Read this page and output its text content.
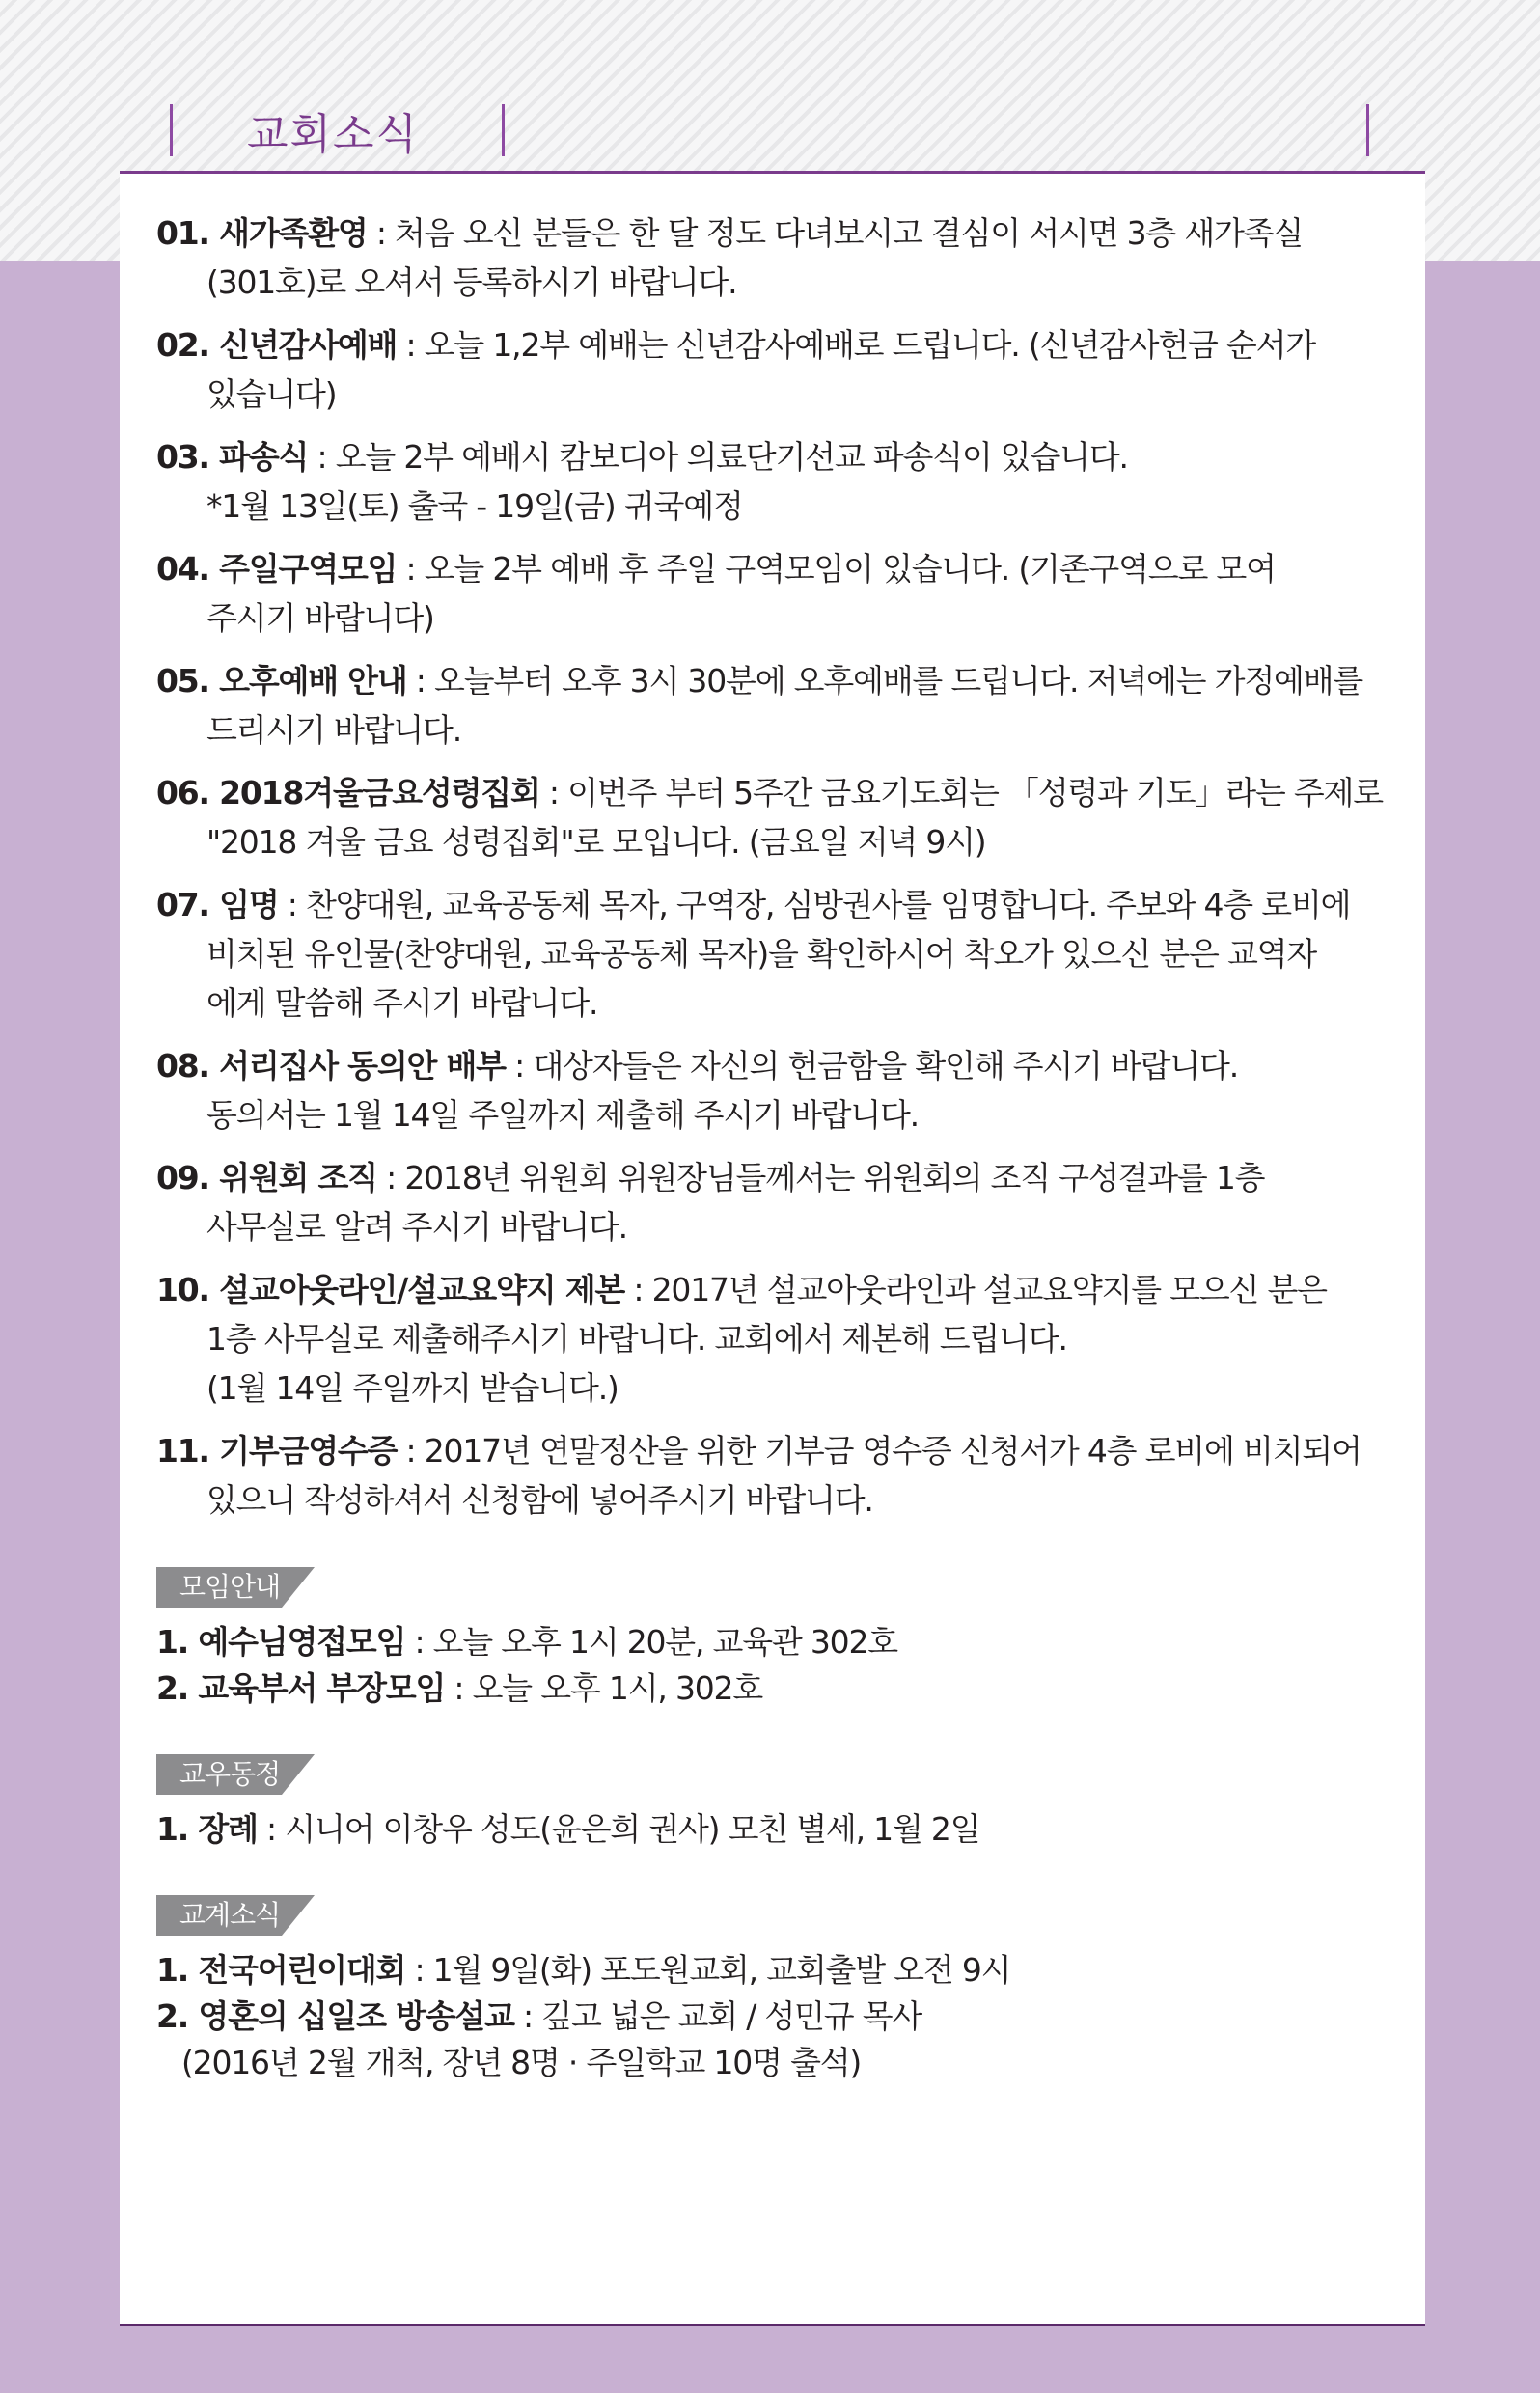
교회소식
01. 새가족환영 : 처음 오신 분들은 한 달 정도 다녀보시고 결심이 서시면 3층 새가족실
(301호)로 오셔서 등록하시기 바랍니다.
02. 신년감사예배 : 오늘 1,2부 예배는 신년감사예배로 드립니다. (신년감사헌금 순서가
있습니다)
03. 파송식 : 오늘 2부 예배시 캄보디아 의료단기선교 파송식이 있습니다.
*1월 13일(토) 출국 - 19일(금) 귀국예정
04. 주일구역모임 : 오늘 2부 예배 후 주일 구역모임이 있습니다. (기존구역으로 모여
주시기 바랍니다)
05. 오후예배 안내 : 오늘부터 오후 3시 30분에 오후예배를 드립니다. 저녁에는 가정예배를
드리시기 바랍니다.
06. 2018겨울금요성령집회 : 이번주 부터 5주간 금요기도회는 「성령과 기도」라는 주제로
"2018 겨울 금요 성령집회"로 모입니다. (금요일 저녁 9시)
07. 임명 : 찬양대원, 교육공동체 목자, 구역장, 심방권사를 임명합니다. 주보와 4층 로비에
비치된 유인물(찬양대원, 교육공동체 목자)을 확인하시어 착오가 있으신 분은 교역자
에게 말씀해 주시기 바랍니다.
08. 서리집사 동의안 배부 : 대상자들은 자신의 헌금함을 확인해 주시기 바랍니다.
동의서는 1월 14일 주일까지 제출해 주시기 바랍니다.
09. 위원회 조직 : 2018년 위원회 위원장님들께서는 위원회의 조직 구성결과를 1층
사무실로 알려 주시기 바랍니다.
10. 설교아웃라인/설교요약지 제본 : 2017년 설교아웃라인과 설교요약지를 모으신 분은
1층 사무실로 제출해주시기 바랍니다. 교회에서 제본해 드립니다.
(1월 14일 주일까지 받습니다.)
11. 기부금영수증 : 2017년 연말정산을 위한 기부금 영수증 신청서가 4층 로비에 비치되어
있으니 작성하셔서 신청함에 넣어주시기 바랍니다.
모임안내
1. 예수님영접모임 : 오늘 오후 1시 20분, 교육관 302호
2. 교육부서 부장모임 : 오늘 오후 1시, 302호
교우동정
1. 장례 : 시니어 이창우 성도(윤은희 권사) 모친 별세, 1월 2일
교계소식
1. 전국어린이대회 : 1월 9일(화) 포도원교회, 교회출발 오전 9시
2. 영혼의 십일조 방송설교 : 깊고 넓은 교회 / 성민규 목사
(2016년 2월 개척, 장년 8명 · 주일학교 10명 출석)
